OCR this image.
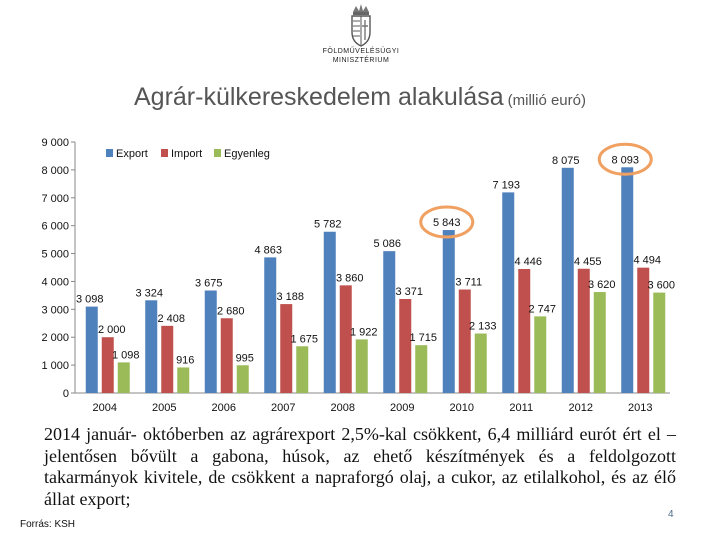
FÖLDMŰVELÉSÜGYI
MINISZTÉRIUM
Agrár-külkereskedelem alakulása (millió euró)
0
1 000
2 000
3 000
4 000
5 000
6 000
7 000
8 000
9 000
2004	2005	2006	2007	2008	2009	2010	2011	2012	2013
3 098
3 324
3 675
4 863
5 782
5 086
5 843
7 193
8 075	8 093
2 000
2 408
2 680
3 188
3 860
3 371
3 711
4 446	4 455	4 494
1 098	916	995
1 675
1 922	1 715
2 133
2 747
3 620	3 600
Export Import Egyenleg
2014 január- októberben az agrárexport 2,5%-kal csökkent, 6,4 milliárd eurót ért el – jelentősen bővült a gabona, húsok, az ehető készítmények és a feldolgozott takarmányok kivitele, de csökkent a napraforgó olaj, a cukor, az etilalkohol, és az élő állat export;
Forrás: KSH
4
